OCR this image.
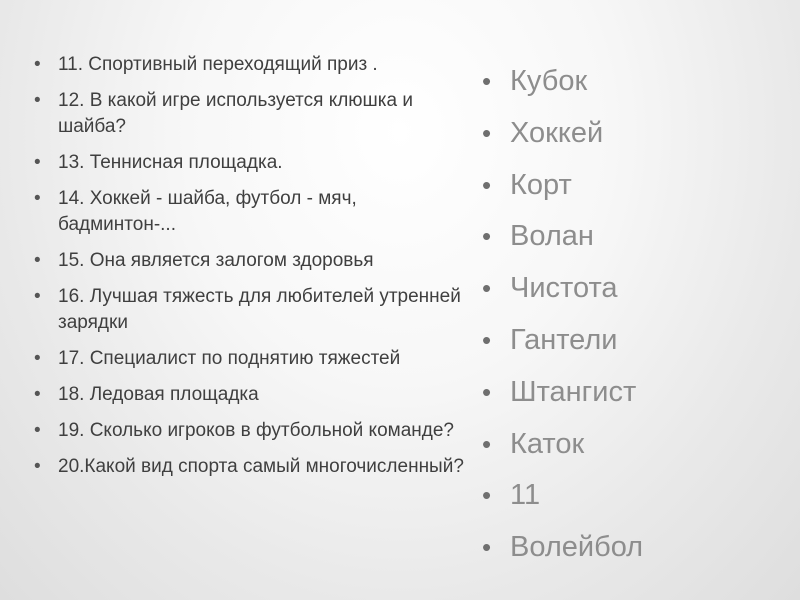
• 11. Спортивный переходящий приз .
• 12. В какой игре используется клюшка и шайба?
• 13. Теннисная площадка.
• 14. Хоккей - шайба, футбол - мяч, бадминтон-...
• 15. Она является залогом здоровья
• 16. Лучшая тяжесть для любителей утренней зарядки
• 17. Специалист по поднятию тяжестей
• 18. Ледовая площадка
• 19. Сколько игроков в футбольной команде?
• 20.Какой вид спорта самый многочисленный?
• Кубок
• Хоккей
• Корт
• Волан
• Чистота
• Гантели
• Штангист
• Каток
• 11
• Волейбол
